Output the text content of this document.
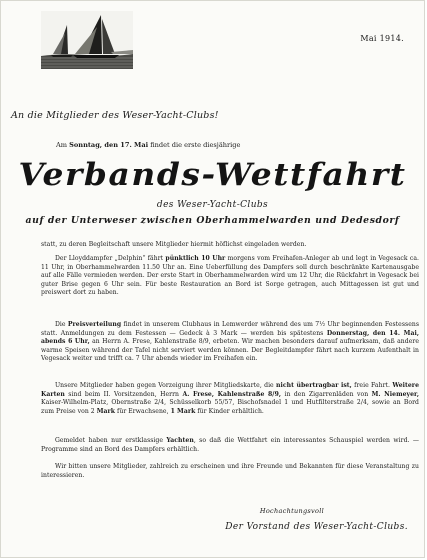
Mai 1914.
An die Mitglieder des Weser-Yacht-Clubs!
Am Sonntag, den 17. Mai findet die erste diesjährige
Verbands-Wettfahrt
des Weser-Yacht-Clubs
auf der Unterweser zwischen Oberhammelwarden und Dedesdorf
Hochachtungsvoll
Der Vorstand des Weser-Yacht-Clubs.

statt, zu deren Begleitschaft unsere Mitglieder hiermit höflichst eingeladen werden.

Der Lloyddampfer „Delphin“ fährt pünktlich 10 Uhr morgens vom Freihafen-Anleger ab und legt in Vegesack ca. 11 Uhr, in Oberhammelwarden 11.50 Uhr an. Eine Ueberfüllung des Dampfers soll durch beschränkte Kartenausgabe auf alle Fälle vermieden werden. Der erste Start in Oberhammelwarden wird um 12 Uhr, die Rückfahrt in Vegesack bei guter Brise gegen 6 Uhr sein. Für beste Restauration an Bord ist Sorge getragen, auch Mittagessen ist gut und preiswert dort zu haben.

Die Preisverteilung findet in unserem Clubhaus in Lemwerder während des um 7½ Uhr beginnenden Festessens statt. Anmeldungen zu dem Festessen — Gedeck à 3 Mark — werden bis spätestens Donnerstag, den 14. Mai, abends 6 Uhr, an Herrn A. Frese, Kahlenstraße 8/9, erbeten. Wir machen besonders darauf aufmerksam, daß andere warme Speisen während der Tafel nicht serviert werden können. Der Begleitdampfer fährt nach kurzem Aufenthalt in Vegesack weiter und trifft ca. 7 Uhr abends wieder im Freihafen ein.

Unsere Mitglieder haben gegen Vorzeigung ihrer Mitgliedskarte, die nicht übertragbar ist, freie Fahrt. Weitere Karten sind beim II. Vorsitzenden, Herrn A. Frese, Kahlenstraße 8/9, in den Zigarrenläden von M. Niemeyer, Kaiser-Wilhelm-Platz, Obernstraße 2/4, Schüsselkorb 55/57, Bischofsnadel 1 und Hutfilterstraße 2/4, sowie an Bord zum Preise von 2 Mark für Erwachsene, 1 Mark für Kinder erhältlich.

Gemeldet haben nur erstklassige Yachten, so daß die Wettfahrt ein interessantes Schauspiel werden wird. — Programme sind an Bord des Dampfers erhältlich.

Wir bitten unsere Mitglieder, zahlreich zu erscheinen und ihre Freunde und Bekannten für diese Veranstaltung zu interessieren.
